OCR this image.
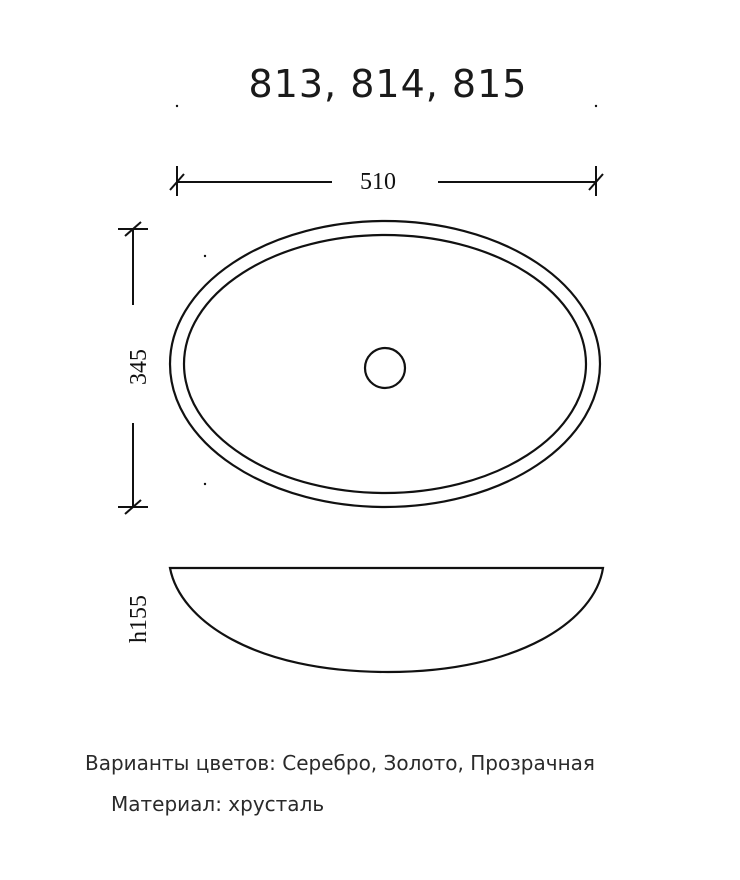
813, 814, 815
510
345
h155
Варианты цветов: Серебро, Золото, Прозрачная
Материал: хрусталь
